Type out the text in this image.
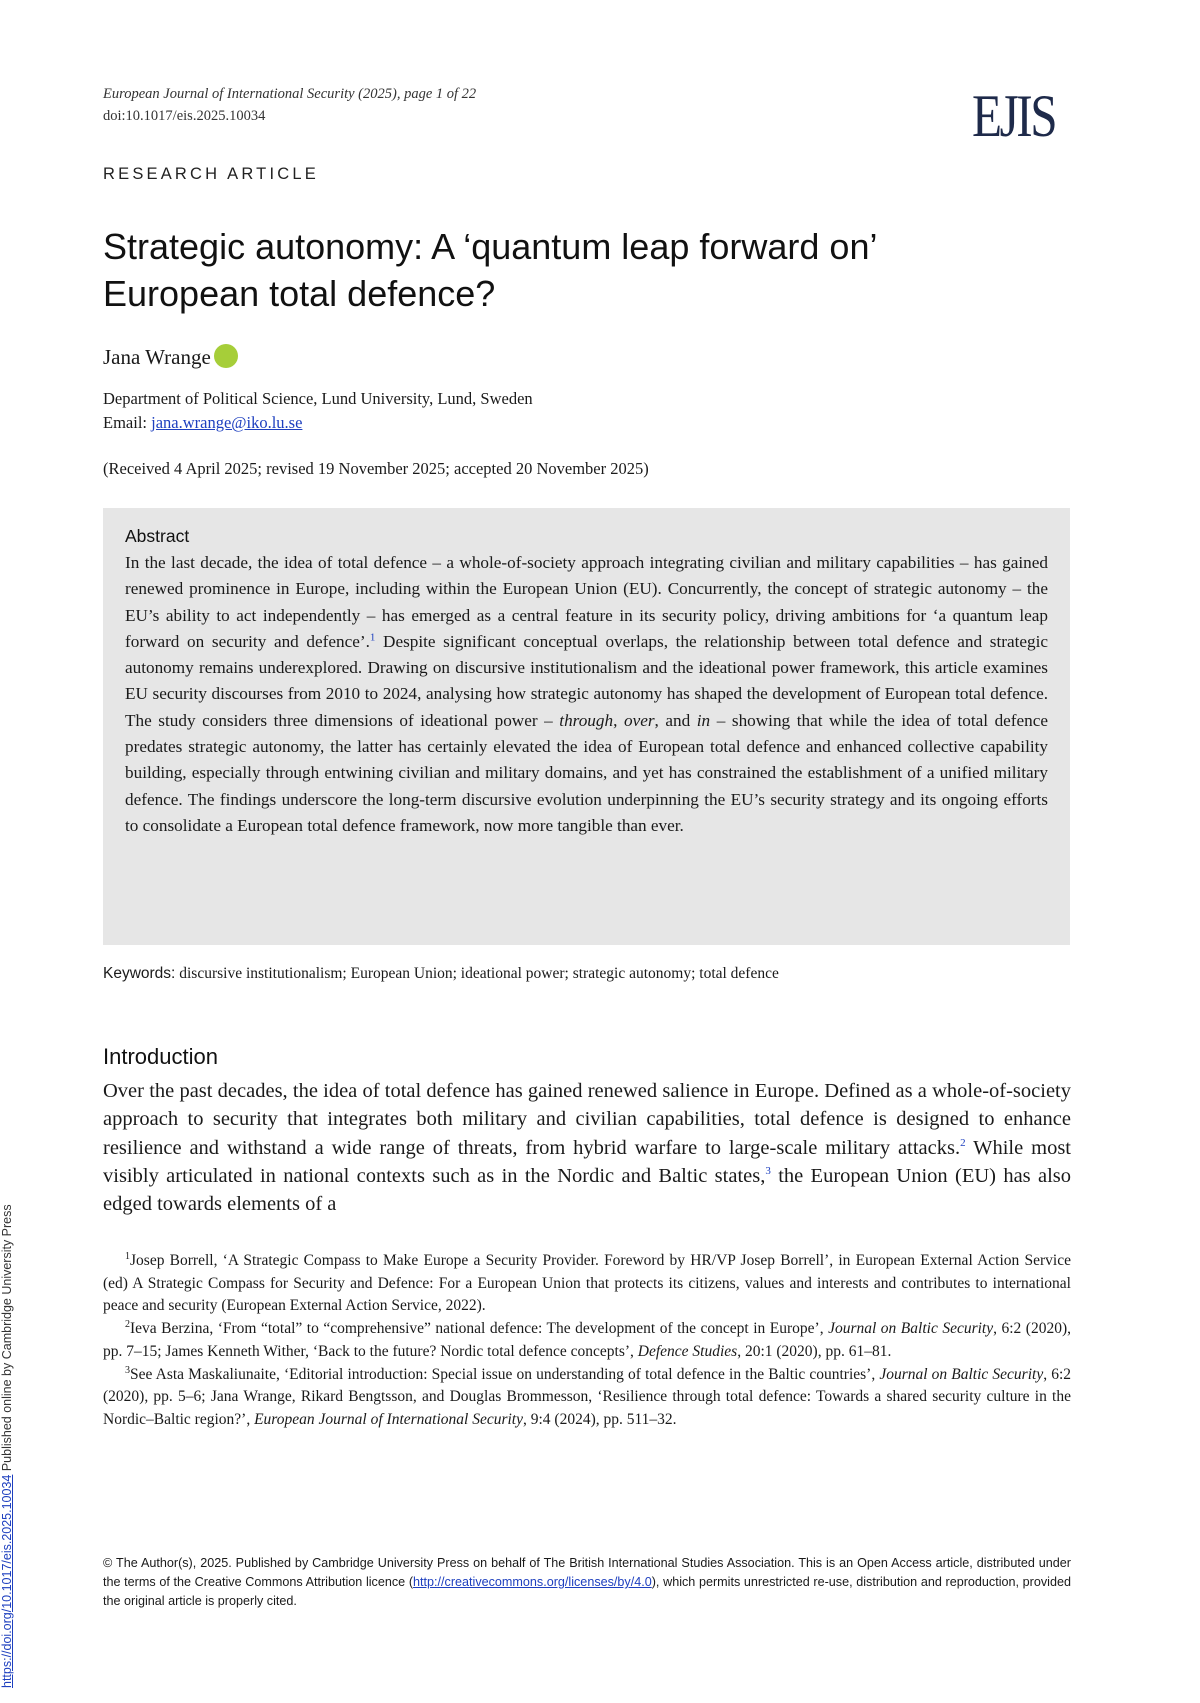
European Journal of International Security (2025), page 1 of 22
doi:10.1017/eis.2025.10034	EJIS
RESEARCH ARTICLE
Strategic autonomy: A ‘quantum leap forward on’
European total defence?
Jana Wrange
Department of Political Science, Lund University, Lund, Sweden
Email: jana.wrange@iko.lu.se
(Received 4 April 2025; revised 19 November 2025; accepted 20 November 2025)
Abstract

In the last decade, the idea of total defence – a whole-of-society approach integrating civilian and military capabilities – has gained renewed prominence in Europe, including within the European Union (EU). Concurrently, the concept of strategic autonomy – the EU’s ability to act independently – has emerged as a central feature in its security policy, driving ambitions for ‘a quantum leap forward on security and defence’.$^1$ Despite significant conceptual overlaps, the relationship between total defence and strategic autonomy remains underexplored. Drawing on discursive institutionalism and the ideational power framework, this article examines EU security discourses from 2010 to 2024, analysing how strategic autonomy has shaped the development of European total defence. The study considers three dimensions of ideational power – through, over, and in – showing that while the idea of total defence predates strategic autonomy, the latter has certainly elevated the idea of European total defence and enhanced collective capability building, especially through entwining civilian and military domains, and yet has constrained the establishment of a unified military defence. The findings underscore the long-term discursive evolution underpinning the EU’s security strategy and its ongoing efforts to consolidate a European total defence framework, now more tangible than ever.

Keywords: discursive institutionalism; European Union; ideational power; strategic autonomy; total defence
Introduction

Over the past decades, the idea of total defence has gained renewed salience in Europe. Defined as a whole-of-society approach to security that integrates both military and civilian capabilities, total defence is designed to enhance resilience and withstand a wide range of threats, from hybrid warfare to large-scale military attacks.$^2$ While most visibly articulated in national contexts such as in the Nordic and Baltic states,$^3$ the European Union (EU) has also edged towards elements of a

$^1$Josep Borrell, ‘A Strategic Compass to Make Europe a Security Provider. Foreword by HR/VP Josep Borrell’, in European External Action Service (ed) A Strategic Compass for Security and Defence: For a European Union that protects its citizens, values and interests and contributes to international peace and security (European External Action Service, 2022).

$^2$Ieva Berzina, ‘From “total” to “comprehensive” national defence: The development of the concept in Europe’, Journal on Baltic Security, 6:2 (2020), pp. 7–15; James Kenneth Wither, ‘Back to the future? Nordic total defence concepts’, Defence Studies, 20:1 (2020), pp. 61–81.

$^3$See Asta Maskaliunaite, ‘Editorial introduction: Special issue on understanding of total defence in the Baltic countries’, Journal on Baltic Security, 6:2 (2020), pp. 5–6; Jana Wrange, Rikard Bengtsson, and Douglas Brommesson, ‘Resilience through total defence: Towards a shared security culture in the Nordic–Baltic region?’, European Journal of International Security, 9:4 (2024), pp. 511–32.

© The Author(s), 2025. Published by Cambridge University Press on behalf of The British International Studies Association. This is an Open Access article, distributed under the terms of the Creative Commons Attribution licence (http://creativecommons.org/licenses/by/4.0), which permits unrestricted re-use, distribution and reproduction, provided the original article is properly cited.

https://doi.org/10.1017/eis.2025.10034 Published online by Cambridge University Press
